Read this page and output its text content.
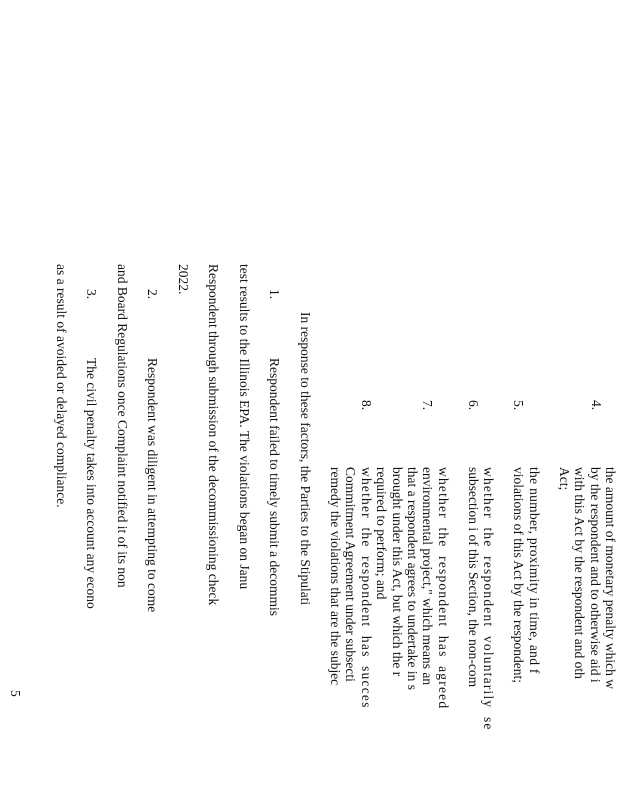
4.
the amount of monetary penalty which w
by the respondent and to otherwise aid i
with this Act by the respondent and oth
Act;
5.
the number, proximity in time, and f
violations of this Act by the respondent;
6.
whether the respondent voluntarily se
subsection i of this Section, the non-com
7.
whether the respondent has agreed
environmental project," which means an
that a respondent agrees to undertake in s
brought under this Act, but which the r
required to perform; and
8.
whether the respondent has succes
Commitment Agreement under subsecti
remedy the violations that are the subjec
In response to these factors, the Parties to the Stipulati
1.
Respondent failed to timely submit a decommis
test results to the Illinois EPA. The violations began on Janu
Respondent through submission of the decommissioning check
2022.
2.
Respondent was diligent in attempting to come
and Board Regulations once Complaint notified it of its non
3.
The civil penalty takes into account any econo
as a result of avoided or delayed compliance.
5
